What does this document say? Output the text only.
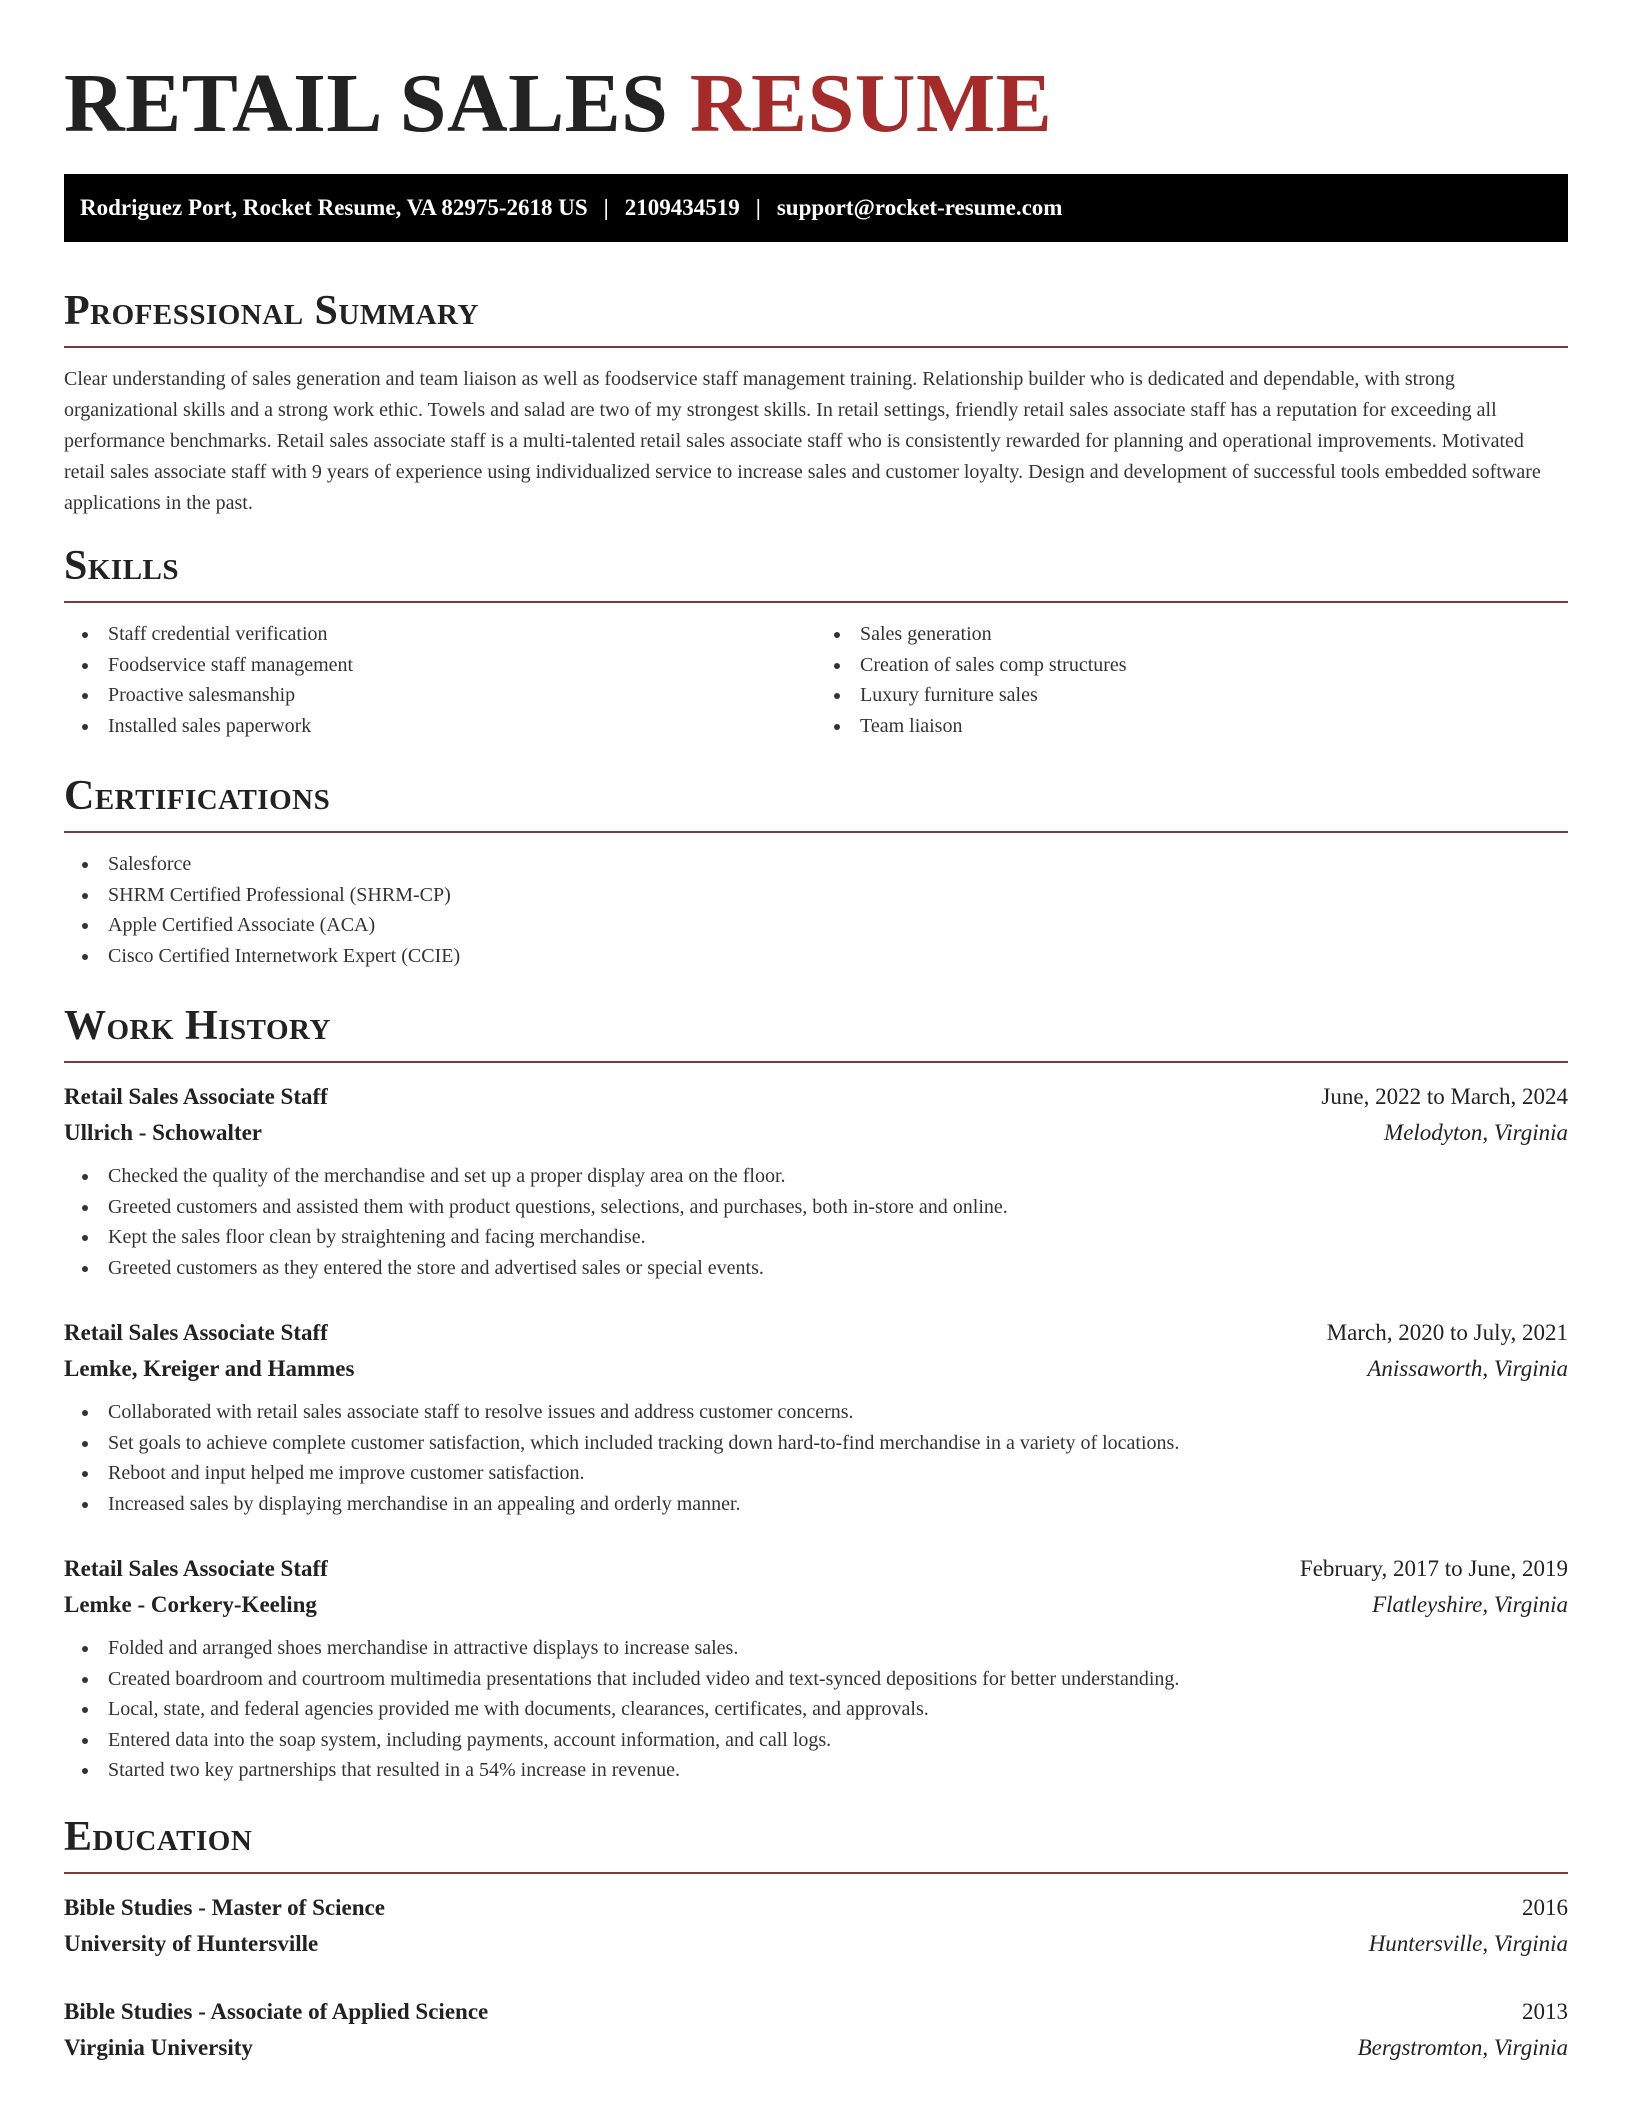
RETAIL SALES RESUME
Rodriguez Port, Rocket Resume, VA 82975-2618 US | 2109434519 | support@rocket-resume.com
Professional Summary

Clear understanding of sales generation and team liaison as well as foodservice staff management training. Relationship builder who is dedicated and dependable, with strong organizational skills and a strong work ethic. Towels and salad are two of my strongest skills. In retail settings, friendly retail sales associate staff has a reputation for exceeding all performance benchmarks. Retail sales associate staff is a multi-talented retail sales associate staff who is consistently rewarded for planning and operational improvements. Motivated retail sales associate staff with 9 years of experience using individualized service to increase sales and customer loyalty. Design and development of successful tools embedded software applications in the past.

Skills
Staff credential verification
Foodservice staff management
Proactive salesmanship
Installed sales paperwork
Sales generation
Creation of sales comp structures
Luxury furniture sales
Team liaison
Certifications
Salesforce
SHRM Certified Professional (SHRM-CP)
Apple Certified Associate (ACA)
Cisco Certified Internetwork Expert (CCIE)
Work History
Retail Sales Associate Staff	June, 2022 to March, 2024
Ullrich - Schowalter	Melodyton, Virginia
Checked the quality of the merchandise and set up a proper display area on the floor.
Greeted customers and assisted them with product questions, selections, and purchases, both in-store and online.
Kept the sales floor clean by straightening and facing merchandise.
Greeted customers as they entered the store and advertised sales or special events.
Retail Sales Associate Staff	March, 2020 to July, 2021
Lemke, Kreiger and Hammes	Anissaworth, Virginia
Collaborated with retail sales associate staff to resolve issues and address customer concerns.
Set goals to achieve complete customer satisfaction, which included tracking down hard-to-find merchandise in a variety of locations.
Reboot and input helped me improve customer satisfaction.
Increased sales by displaying merchandise in an appealing and orderly manner.
Retail Sales Associate Staff	February, 2017 to June, 2019
Lemke - Corkery-Keeling	Flatleyshire, Virginia
Folded and arranged shoes merchandise in attractive displays to increase sales.
Created boardroom and courtroom multimedia presentations that included video and text-synced depositions for better understanding.
Local, state, and federal agencies provided me with documents, clearances, certificates, and approvals.
Entered data into the soap system, including payments, account information, and call logs.
Started two key partnerships that resulted in a 54% increase in revenue.
Education
Bible Studies - Master of Science	2016
University of Huntersville	Huntersville, Virginia
Bible Studies - Associate of Applied Science	2013
Virginia University	Bergstromton, Virginia
